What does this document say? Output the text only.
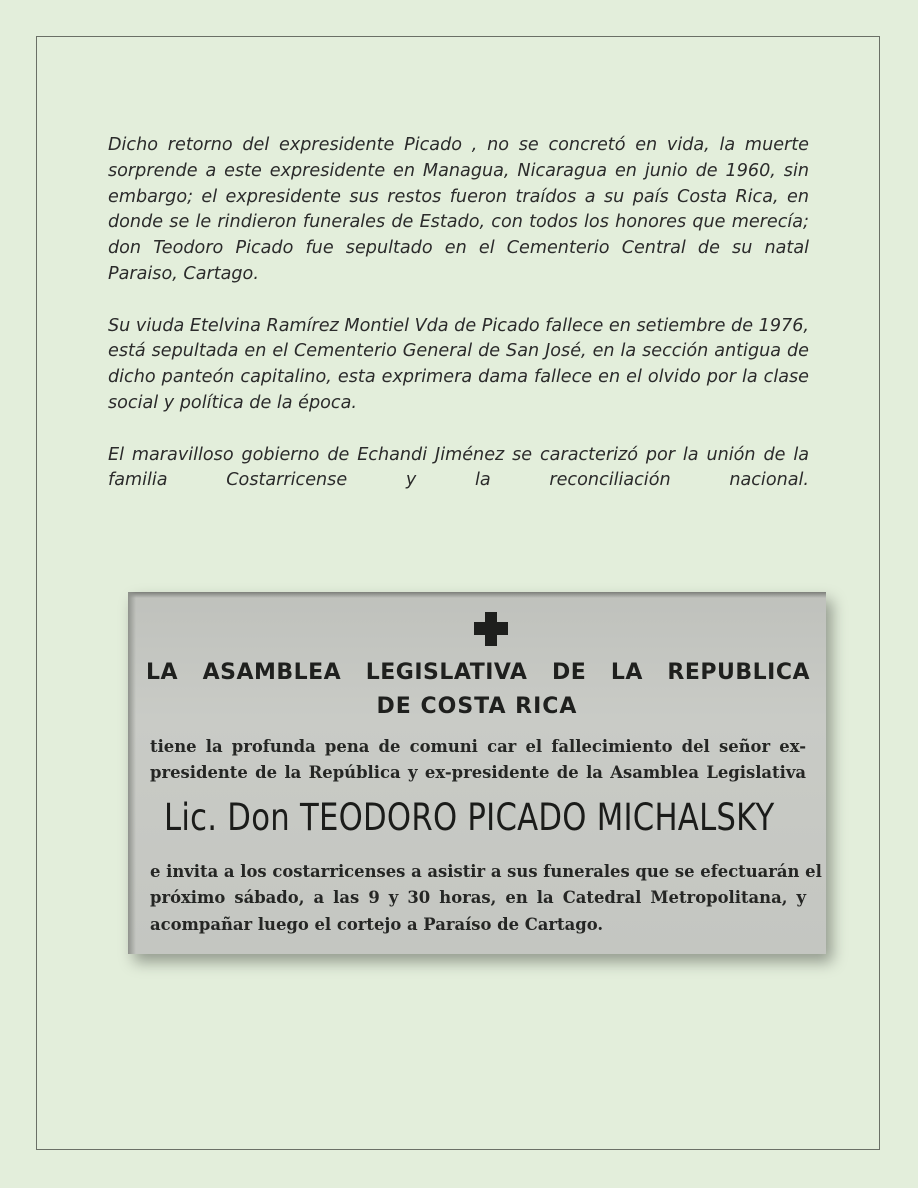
Dicho retorno del expresidente Picado , no se concretó en vida, la muerte sorprende a este expresidente en Managua, Nicaragua en junio de 1960, sin embargo; el expresidente sus restos fueron traídos a su país Costa Rica, en donde se le rindieron funerales de Estado, con todos los honores que merecía; don Teodoro Picado fue sepultado en el Cementerio Central de su natal Paraiso, Cartago.

Su viuda Etelvina Ramírez Montiel Vda de Picado fallece en setiembre de 1976, está sepultada en el Cementerio General de San José, en la sección antigua de dicho panteón capitalino, esta exprimera dama fallece en el olvido por la clase social y política de la época.

El maravilloso gobierno de Echandi Jiménez se caracterizó por la unión de la familia Costarricense y la reconciliación nacional.

LA ASAMBLEA LEGISLATIVA DE LA REPUBLICA
DE COSTA RICA
tiene la profunda pena de comuni car el fallecimiento del señor ex-
presidente de la República y ex-presidente de la Asamblea Legislativa
Lic. Don TEODORO PICADO MICHALSKY
e invita a los costarricenses a asistir a sus funerales que se efectuarán el
próximo sábado, a las 9 y 30 horas, en la Catedral Metropolitana, y
acompañar luego el cortejo a Paraíso de Cartago.
